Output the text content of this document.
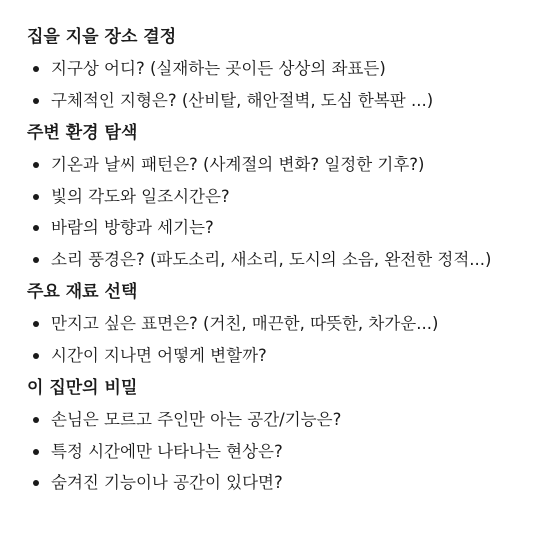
집을 지을 장소 결정
지구상 어디? (실재하는 곳이든 상상의 좌표든)
구체적인 지형은? (산비탈, 해안절벽, 도심 한복판 ...)
주변 환경 탐색
기온과 날씨 패턴은? (사계절의 변화? 일정한 기후?)
빛의 각도와 일조시간은?
바람의 방향과 세기는?
소리 풍경은? (파도소리, 새소리, 도시의 소음, 완전한 정적...)
주요 재료 선택
만지고 싶은 표면은? (거친, 매끈한, 따뜻한, 차가운...)
시간이 지나면 어떻게 변할까?
이 집만의 비밀
손님은 모르고 주인만 아는 공간/기능은?
특정 시간에만 나타나는 현상은?
숨겨진 기능이나 공간이 있다면?
